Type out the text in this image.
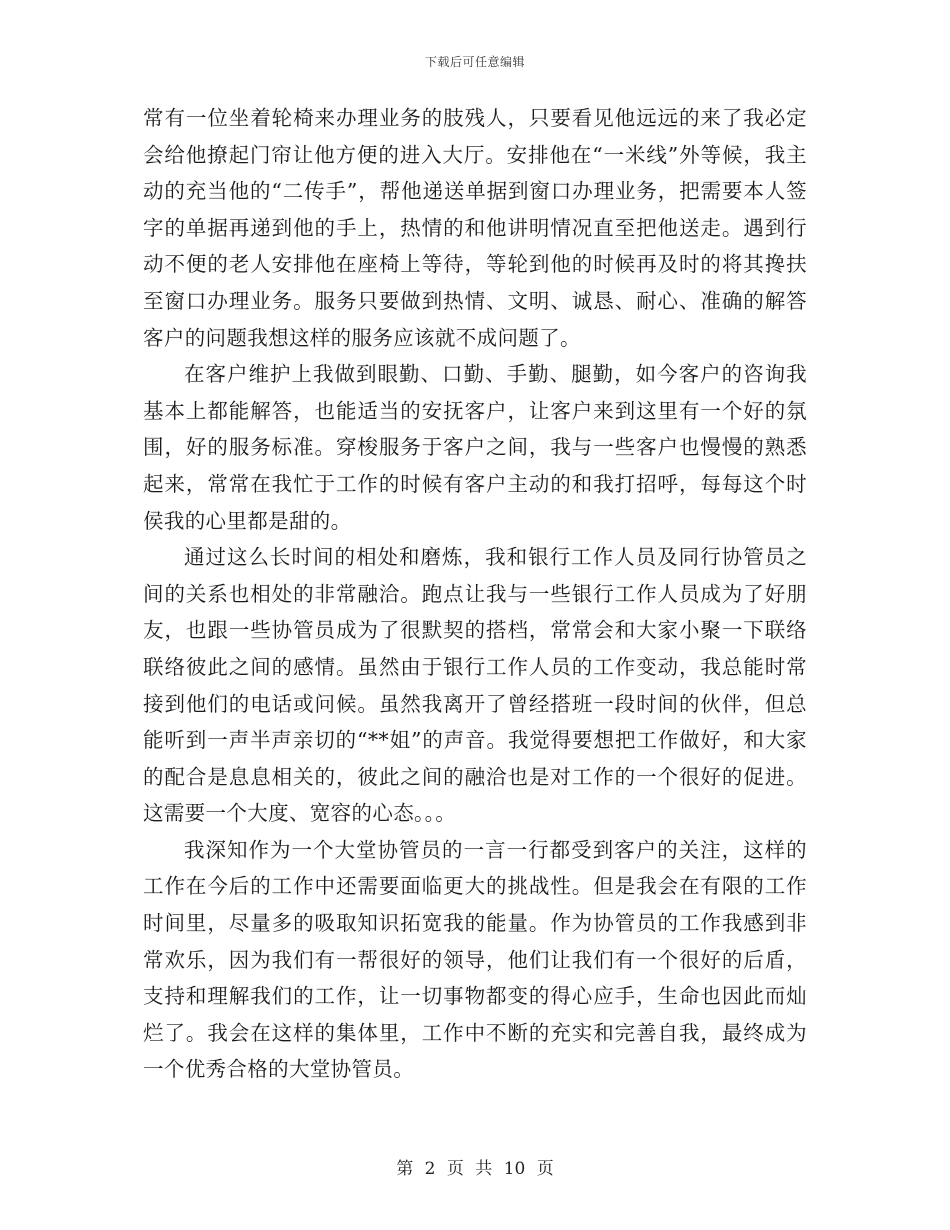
下载后可任意编辑

常有一位坐着轮椅来办理业务的肢残人，只要看见他远远的来了我必定会给他撩起门帘让他方便的进入大厅。安排他在“一米线”外等候，我主动的充当他的“二传手”，帮他递送单据到窗口办理业务，把需要本人签字的单据再递到他的手上，热情的和他讲明情况直至把他送走。遇到行动不便的老人安排他在座椅上等待，等轮到他的时候再及时的将其搀扶至窗口办理业务。服务只要做到热情、文明、诚恳、耐心、准确的解答客户的问题我想这样的服务应该就不成问题了。

在客户维护上我做到眼勤、口勤、手勤、腿勤，如今客户的咨询我基本上都能解答，也能适当的安抚客户，让客户来到这里有一个好的氛围，好的服务标准。穿梭服务于客户之间，我与一些客户也慢慢的熟悉起来，常常在我忙于工作的时候有客户主动的和我打招呼，每每这个时侯我的心里都是甜的。

通过这么长时间的相处和磨炼，我和银行工作人员及同行协管员之间的关系也相处的非常融洽。跑点让我与一些银行工作人员成为了好朋友，也跟一些协管员成为了很默契的搭档，常常会和大家小聚一下联络联络彼此之间的感情。虽然由于银行工作人员的工作变动，我总能时常接到他们的电话或问候。虽然我离开了曾经搭班一段时间的伙伴，但总能听到一声半声亲切的“**姐”的声音。我觉得要想把工作做好，和大家的配合是息息相关的，彼此之间的融洽也是对工作的一个很好的促进。这需要一个大度、宽容的心态。。。

我深知作为一个大堂协管员的一言一行都受到客户的关注，这样的工作在今后的工作中还需要面临更大的挑战性。但是我会在有限的工作时间里，尽量多的吸取知识拓宽我的能量。作为协管员的工作我感到非常欢乐，因为我们有一帮很好的领导，他们让我们有一个很好的后盾，支持和理解我们的工作，让一切事物都变的得心应手，生命也因此而灿烂了。我会在这样的集体里，工作中不断的充实和完善自我，最终成为一个优秀合格的大堂协管员。

第 2 页 共 10 页
